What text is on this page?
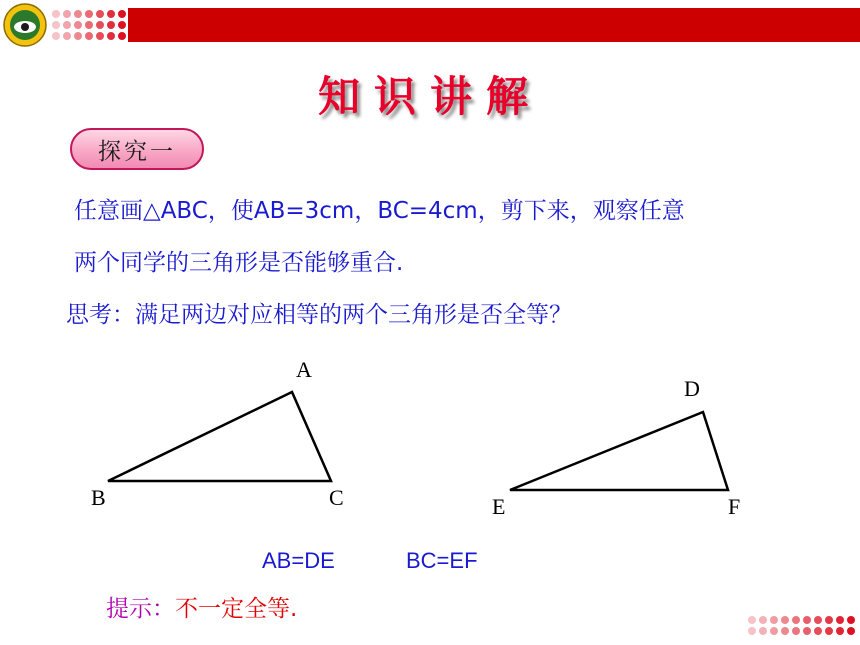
知识讲解
探究一
任意画△ABC，使AB=3cm，BC=4cm，剪下来，观察任意
两个同学的三角形是否能够重合.
思考：满足两边对应相等的两个三角形是否全等？
A
B	C
D
E	F
AB=DE	BC=EF
提示：不一定全等.
